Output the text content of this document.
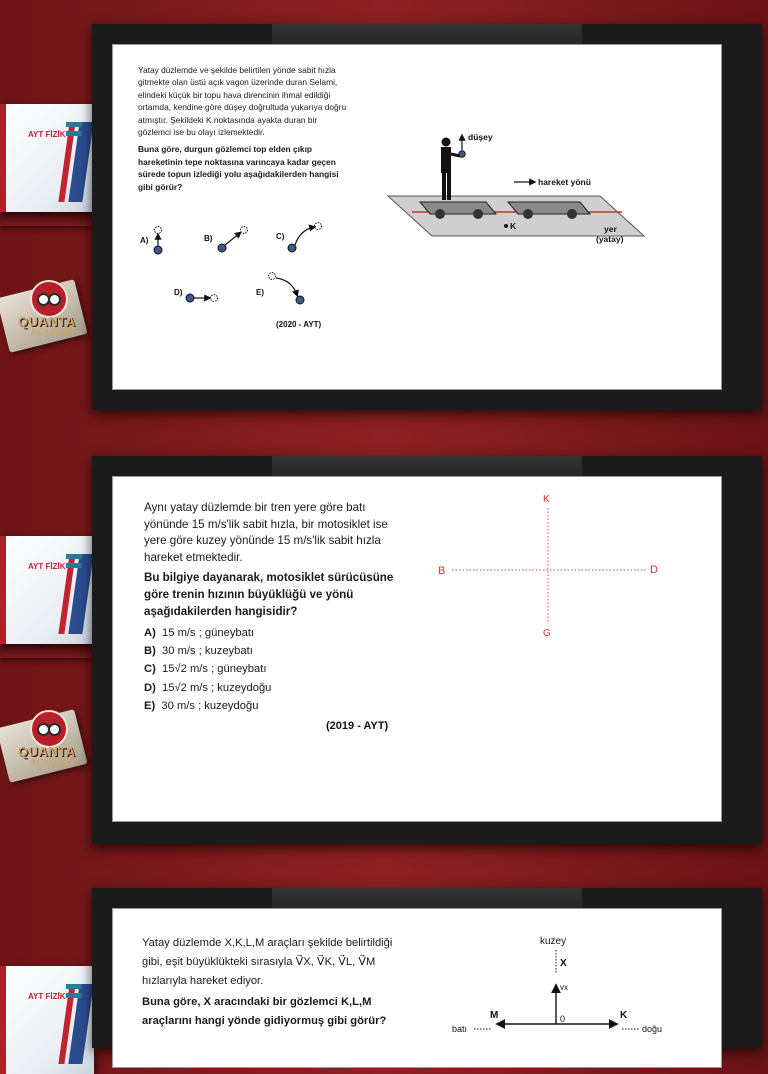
AYT FİZİK
QUANTA
ACADEMY
AYT FİZİK
QUANTA
ACADEMY
AYT FİZİK

Yatay düzlemde ve şekilde belirtilen yönde sabit hızla gitmekte olan üstü açık vagon üzerinde duran Selami, elindeki küçük bir topu hava direncinin ihmal edildiği ortamda, kendine göre düşey doğrultuda yukarıya doğru atmıştır. Şekildeki K noktasında ayakta duran bir gözlemci ise bu olayı izlemektedir.

Buna göre, durgun gözlemci top elden çıkıp hareketinin tepe noktasına varıncaya kadar geçen sürede topun izlediği yolu aşağıdakilerden hangisi gibi görür?

A)	B)	C)
D)	E)
(2020 - AYT)
düşey
hareket yönü
K	yer
(yatay)

Aynı yatay düzlemde bir tren yere göre batı yönünde 15 m/s'lik sabit hızla, bir motosiklet ise yere göre kuzey yönünde 15 m/s'lik sabit hızla hareket etmektedir.

Bu bilgiye dayanarak, motosiklet sürücüsüne göre trenin hızının büyüklüğü ve yönü aşağıdakilerden hangisidir?

A) 15 m/s ; güneybatı
B) 30 m/s ; kuzeybatı
C) 15√2 m/s ; güneybatı
D) 15√2 m/s ; kuzeydoğu
E) 30 m/s ; kuzeydoğu
(2019 - AYT)
K
G
B	D

Yatay düzlemde X,K,L,M araçları şekilde belirtildiği gibi, eşit büyüklükteki sırasıyla V⃗X, V⃗K, V⃗L, V⃗M hızlarıyla hareket ediyor.

Buna göre, X aracındaki bir gözlemci K,L,M araçlarını hangi yönde gidiyormuş gibi görür?

kuzey
X
vx
M	K
0
batı	doğu
